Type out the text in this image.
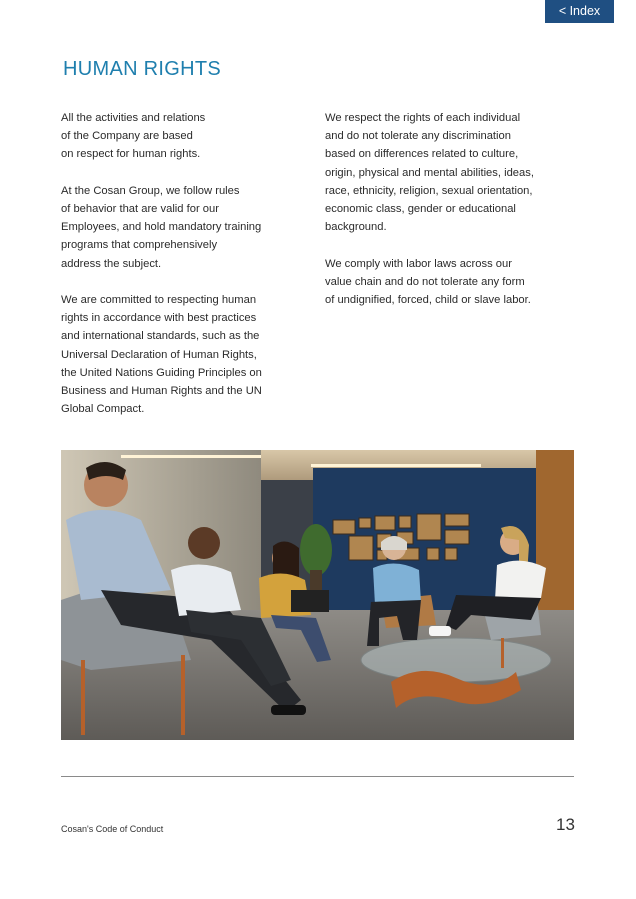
< Index
HUMAN RIGHTS

All the activities and relations
of the Company are based
on respect for human rights.

At the Cosan Group, we follow rules
of behavior that are valid for our
Employees, and hold mandatory training
programs that comprehensively
address the subject.

We are committed to respecting human
rights in accordance with best practices
and international standards, such as the
Universal Declaration of Human Rights,
the United Nations Guiding Principles on
Business and Human Rights and the UN
Global Compact.

We respect the rights of each individual
and do not tolerate any discrimination
based on differences related to culture,
origin, physical and mental abilities, ideas,
race, ethnicity, religion, sexual orientation,
economic class, gender or educational
background.

We comply with labor laws across our
value chain and do not tolerate any form
of undignified, forced, child or slave labor.

Cosan's Code of Conduct	13
